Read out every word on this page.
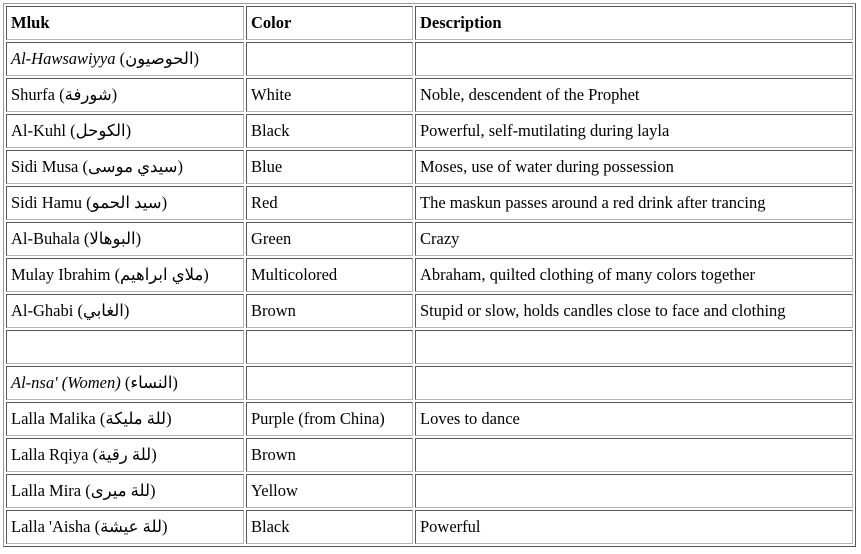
Mluk	Color	Description
Al-Hawsawiyya (الحوصيون)		
Shurfa (شورفة)	White	Noble, descendent of the Prophet
Al-Kuhl (الكوحل)	Black	Powerful, self-mutilating during layla
Sidi Musa (سيدي موسى)	Blue	Moses, use of water during possession
Sidi Hamu (سيد الحمو)	Red	The maskun passes around a red drink after trancing
Al-Buhala (البوهالا)	Green	Crazy
Mulay Ibrahim (ملاي ابراهيم)	Multicolored	Abraham, quilted clothing of many colors together
Al-Ghabi (الغابي)	Brown	Stupid or slow, holds candles close to face and clothing

Al-nsa' (Women) (النساء)		
Lalla Malika (للة مليكة)	Purple (from China)	Loves to dance
Lalla Rqiya (للة رقية)	Brown	
Lalla Mira (للة ميرى)	Yellow	
Lalla 'Aisha (للة عيشة)	Black	Powerful
